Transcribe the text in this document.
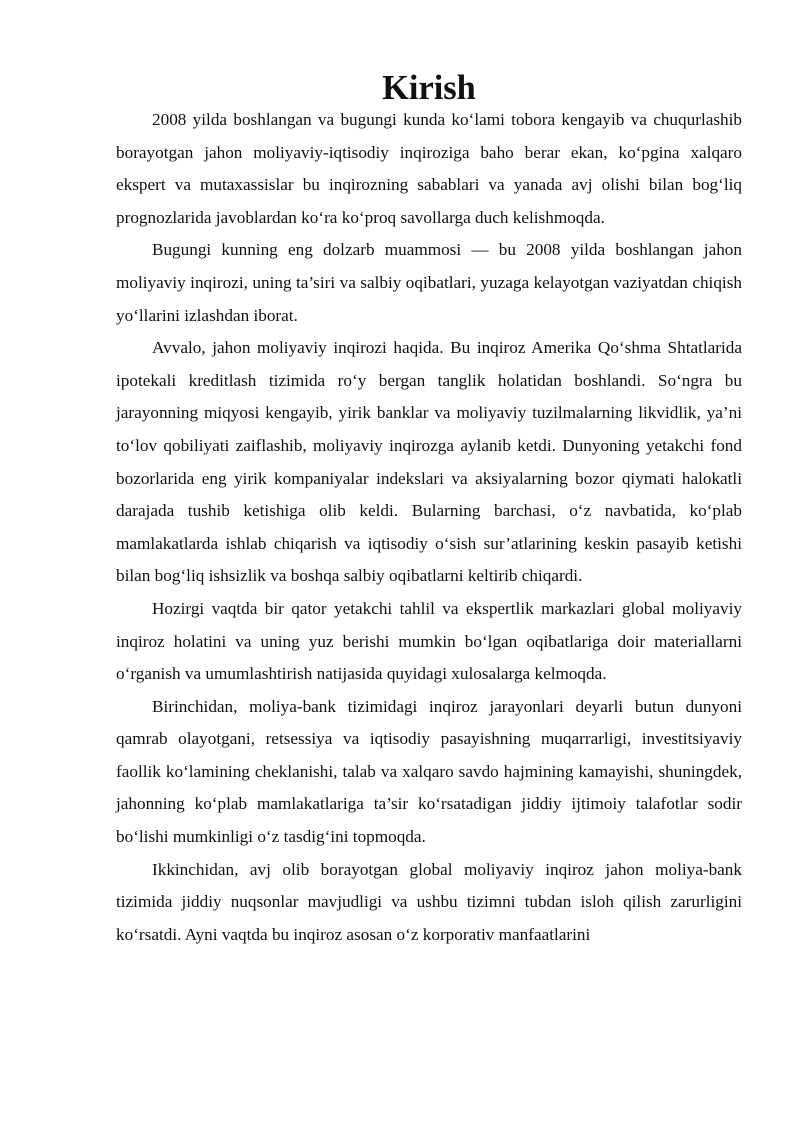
Kirish

2008 yilda boshlangan va bugungi kunda ko‘lami tobora kengayib va chuqurlashib borayotgan jahon moliyaviy-iqtisodiy inqiroziga baho berar ekan, ko‘pgina xalqaro ekspert va mutaxassislar bu inqirozning sabablari va yanada avj olishi bilan bog‘liq prognozlarida javoblardan ko‘ra ko‘proq savollarga duch kelishmoqda.

Bugungi kunning eng dolzarb muammosi — bu 2008 yilda boshlangan jahon moliyaviy inqirozi, uning ta’siri va salbiy oqibatlari, yuzaga kelayotgan vaziyatdan chiqish yo‘llarini izlashdan iborat.

Avvalo, jahon moliyaviy inqirozi haqida. Bu inqiroz Amerika Qo‘shma Shtatlarida ipotekali kreditlash tizimida ro‘y bergan tanglik holatidan boshlandi. So‘ngra bu jarayonning miqyosi kengayib, yirik banklar va moliyaviy tuzilmalarning likvidlik, ya’ni to‘lov qobiliyati zaiflashib, moliyaviy inqirozga aylanib ketdi. Dunyoning yetakchi fond bozorlarida eng yirik kompaniyalar indekslari va aksiyalarning bozor qiymati halokatli darajada tushib ketishiga olib keldi. Bularning barchasi, o‘z navbatida, ko‘plab mamlakatlarda ishlab chiqarish va iqtisodiy o‘sish sur’atlarining keskin pasayib ketishi bilan bog‘liq ishsizlik va boshqa salbiy oqibatlarni keltirib chiqardi.

Hozirgi vaqtda bir qator yetakchi tahlil va ekspertlik markazlari global moliyaviy inqiroz holatini va uning yuz berishi mumkin bo‘lgan oqibatlariga doir materiallarni o‘rganish va umumlashtirish natijasida quyidagi xulosalarga kelmoqda.

Birinchidan, moliya-bank tizimidagi inqiroz jarayonlari deyarli butun dunyoni qamrab olayotgani, retsessiya va iqtisodiy pasayishning muqarrarligi, investitsiyaviy faollik ko‘lamining cheklanishi, talab va xalqaro savdo hajmining kamayishi, shuningdek, jahonning ko‘plab mamlakatlariga ta’sir ko‘rsatadigan jiddiy ijtimoiy talafotlar sodir bo‘lishi mumkinligi o‘z tasdig‘ini topmoqda.

Ikkinchidan, avj olib borayotgan global moliyaviy inqiroz jahon moliya-bank tizimida jiddiy nuqsonlar mavjudligi va ushbu tizimni tubdan isloh qilish zarurligini ko‘rsatdi. Ayni vaqtda bu inqiroz asosan o‘z korporativ manfaatlarini
